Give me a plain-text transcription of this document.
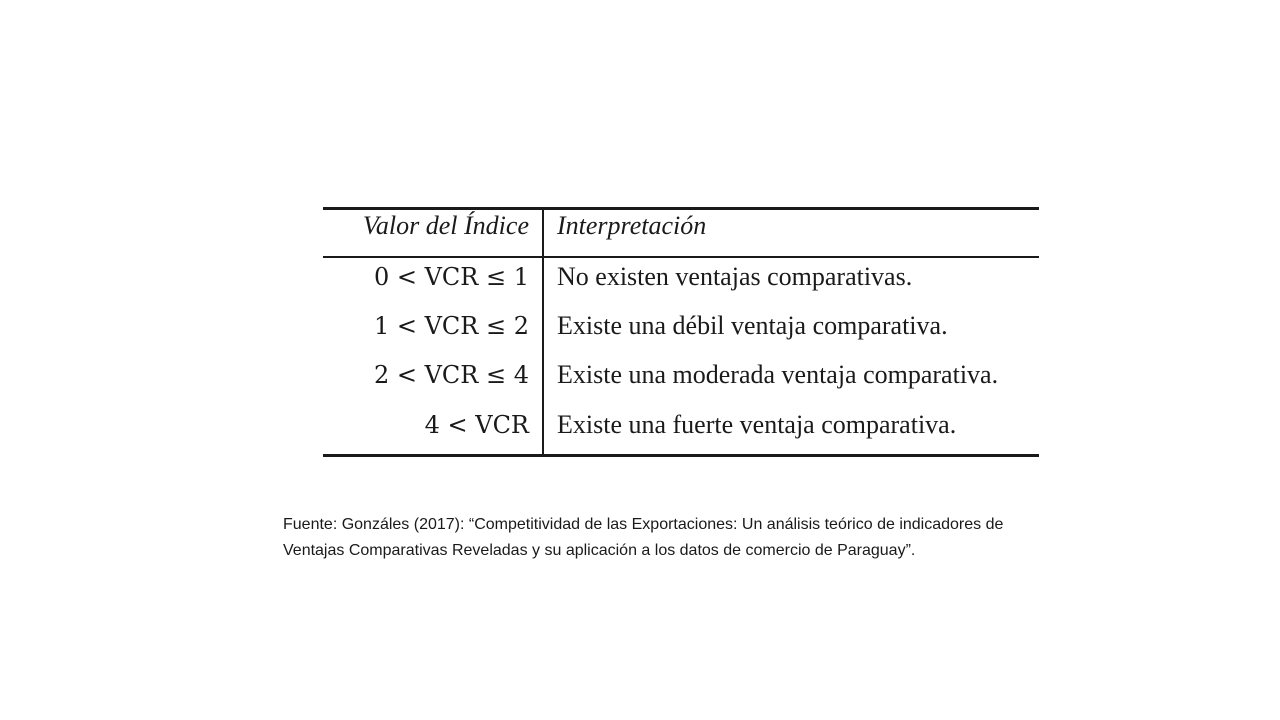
Valor del Índice Interpretación
0 < VCR ≤ 1 No existen ventajas comparativas.
1 < VCR ≤ 2 Existe una débil ventaja comparativa.
2 < VCR ≤ 4 Existe una moderada ventaja comparativa.
4 < VCR Existe una fuerte ventaja comparativa.
Fuente: Gonzáles (2017): “Competitividad de las Exportaciones: Un análisis teórico de indicadores de
Ventajas Comparativas Reveladas y su aplicación a los datos de comercio de Paraguay”.
